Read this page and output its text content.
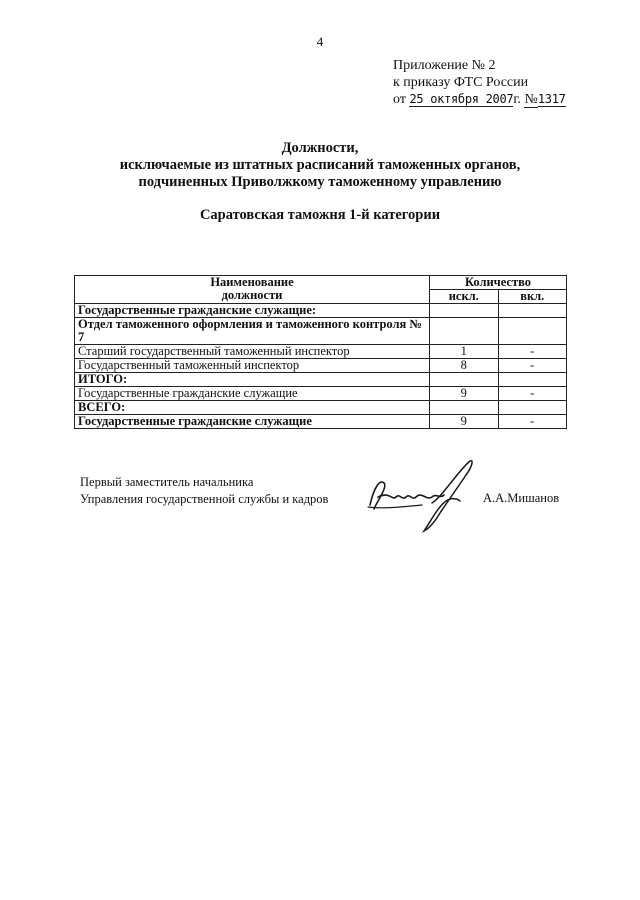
4
Приложение № 2
к приказу ФТС России
от 25 октября 2007г. №1317
Должности,
исключаемые из штатных расписаний таможенных органов,
подчиненных Приволжкому таможенному управлению
Саратовская таможня 1-й категории
Наименование
должности	Количество	
	искл.	вкл.
Государственные гражданские служащие:		
Отдел таможенного оформления и таможенного контроля № 7		
Старший государственный таможенный инспектор	1	-
Государственный таможенный инспектор	8	-
ИТОГО:		
Государственные гражданские служащие	9	-
ВСЕГО:		
Государственные гражданские служащие	9	-
Первый заместитель начальника
Управления государственной службы и кадров	А.А.Мишанов
